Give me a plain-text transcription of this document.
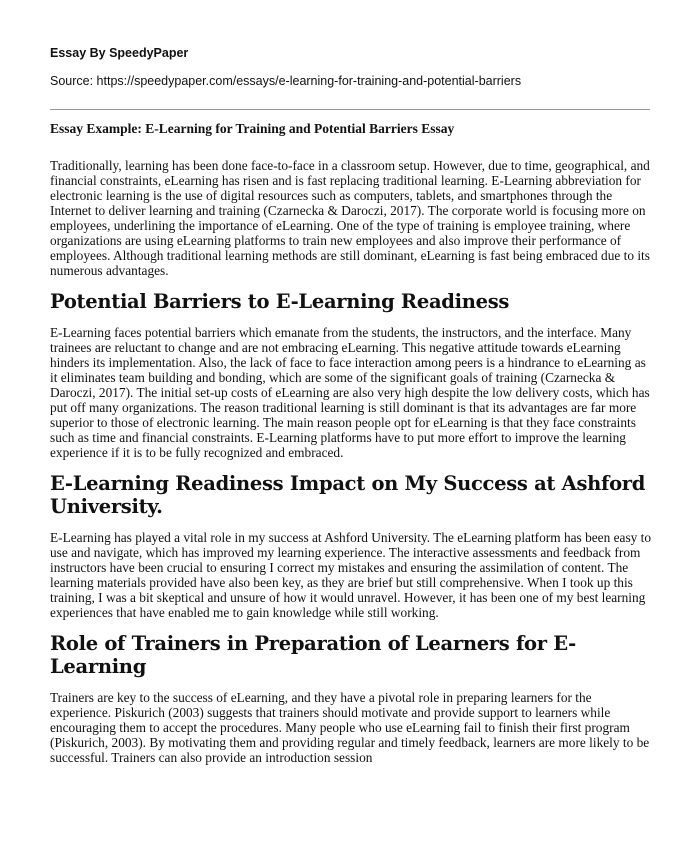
Essay By SpeedyPaper
Source: https://speedypaper.com/essays/e-learning-for-training-and-potential-barriers
Essay Example: E-Learning for Training and Potential Barriers Essay

Traditionally, learning has been done face-to-face in a classroom setup. However, due to time, geographical, and financial constraints, eLearning has risen and is fast replacing traditional learning. E-Learning abbreviation for electronic learning is the use of digital resources such as computers, tablets, and smartphones through the Internet to deliver learning and training (Czarnecka & Daroczi, 2017). The corporate world is focusing more on employees, underlining the importance of eLearning. One of the type of training is employee training, where organizations are using eLearning platforms to train new employees and also improve their performance of employees. Although traditional learning methods are still dominant, eLearning is fast being embraced due to its numerous advantages.

Potential Barriers to E-Learning Readiness

E-Learning faces potential barriers which emanate from the students, the instructors, and the interface. Many trainees are reluctant to change and are not embracing eLearning. This negative attitude towards eLearning hinders its implementation. Also, the lack of face to face interaction among peers is a hindrance to eLearning as it eliminates team building and bonding, which are some of the significant goals of training (Czarnecka & Daroczi, 2017). The initial set-up costs of eLearning are also very high despite the low delivery costs, which has put off many organizations. The reason traditional learning is still dominant is that its advantages are far more superior to those of electronic learning. The main reason people opt for eLearning is that they face constraints such as time and financial constraints. E-Learning platforms have to put more effort to improve the learning experience if it is to be fully recognized and embraced.

E-Learning Readiness Impact on My Success at Ashford University.

E-Learning has played a vital role in my success at Ashford University. The eLearning platform has been easy to use and navigate, which has improved my learning experience. The interactive assessments and feedback from instructors have been crucial to ensuring I correct my mistakes and ensuring the assimilation of content. The learning materials provided have also been key, as they are brief but still comprehensive. When I took up this training, I was a bit skeptical and unsure of how it would unravel. However, it has been one of my best learning experiences that have enabled me to gain knowledge while still working.

Role of Trainers in Preparation of Learners for E-Learning

Trainers are key to the success of eLearning, and they have a pivotal role in preparing learners for the experience. Piskurich (2003) suggests that trainers should motivate and provide support to learners while encouraging them to accept the procedures. Many people who use eLearning fail to finish their first program (Piskurich, 2003). By motivating them and providing regular and timely feedback, learners are more likely to be successful. Trainers can also provide an introduction session
